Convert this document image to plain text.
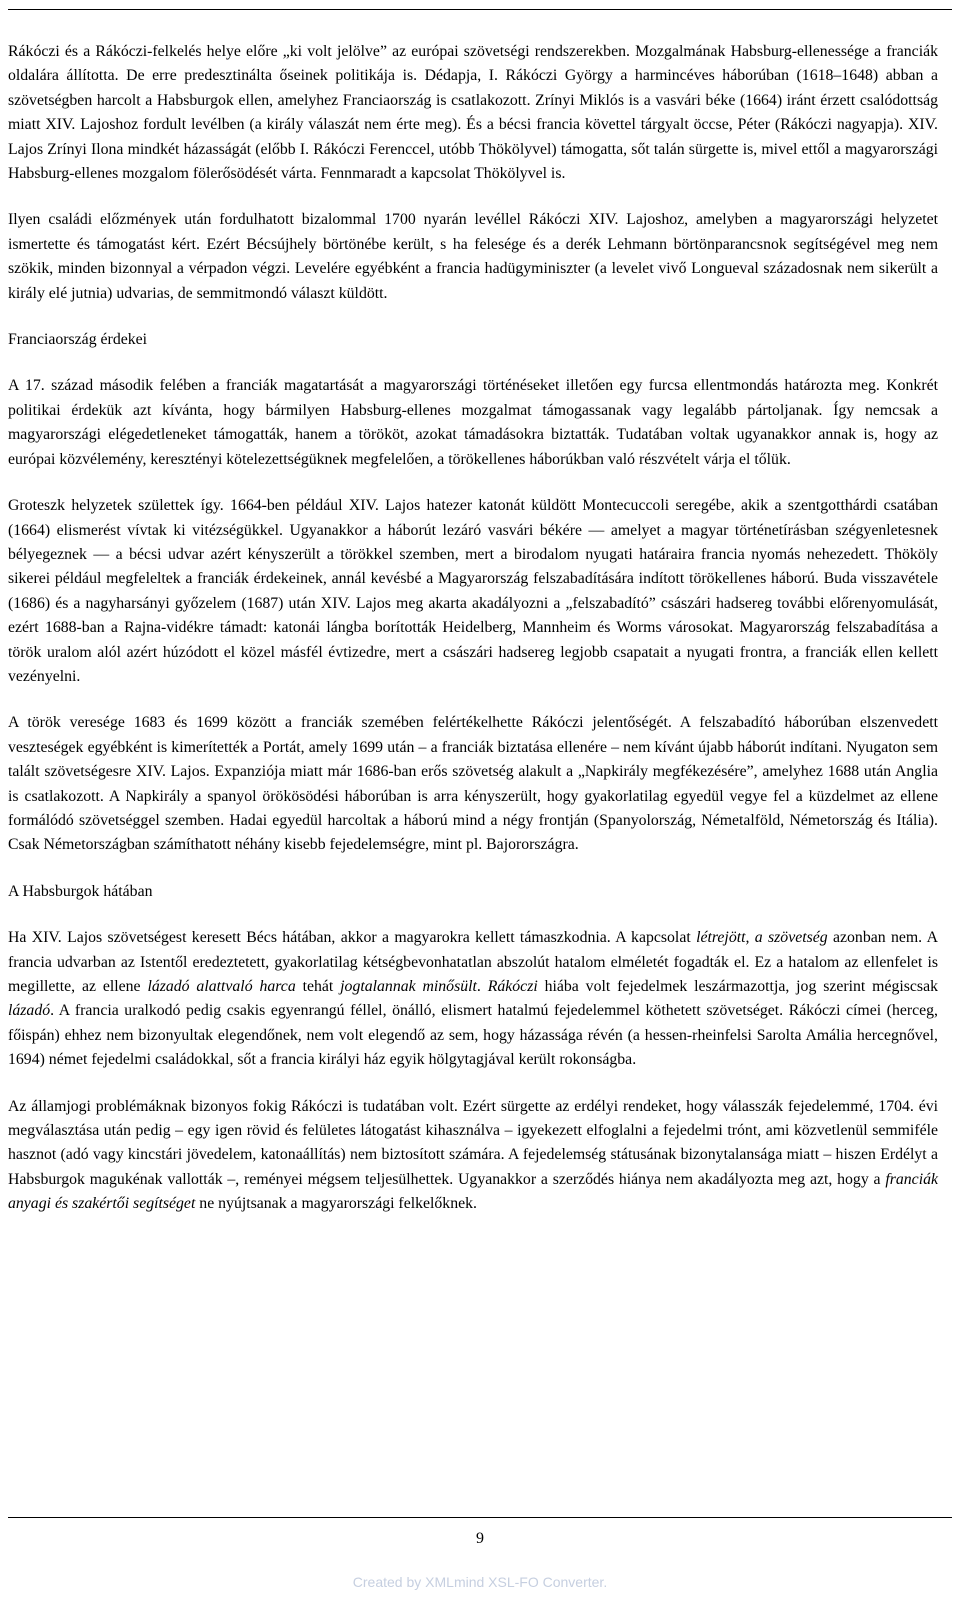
Rákóczi és a Rákóczi-felkelés helye előre „ki volt jelölve” az európai szövetségi rendszerekben. Mozgalmának Habsburg-ellenessége a franciák oldalára állította. De erre predesztinálta őseinek politikája is. Dédapja, I. Rákóczi György a harmincéves háborúban (1618–1648) abban a szövetségben harcolt a Habsburgok ellen, amelyhez Franciaország is csatlakozott. Zrínyi Miklós is a vasvári béke (1664) iránt érzett csalódottság miatt XIV. Lajoshoz fordult levélben (a király válaszát nem érte meg). És a bécsi francia követtel tárgyalt öccse, Péter (Rákóczi nagyapja). XIV. Lajos Zrínyi Ilona mindkét házasságát (előbb I. Rákóczi Ferenccel, utóbb Thökölyvel) támogatta, sőt talán sürgette is, mivel ettől a magyarországi Habsburg-ellenes mozgalom fölerősödését várta. Fennmaradt a kapcsolat Thökölyvel is.

Ilyen családi előzmények után fordulhatott bizalommal 1700 nyarán levéllel Rákóczi XIV. Lajoshoz, amelyben a magyarországi helyzetet ismertette és támogatást kért. Ezért Bécsújhely börtönébe került, s ha felesége és a derék Lehmann börtönparancsnok segítségével meg nem szökik, minden bizonnyal a vérpadon végzi. Levelére egyébként a francia hadügyminiszter (a levelet vivő Longueval századosnak nem sikerült a király elé jutnia) udvarias, de semmitmondó választ küldött.

Franciaország érdekei

A 17. század második felében a franciák magatartását a magyarországi történéseket illetően egy furcsa ellentmondás határozta meg. Konkrét politikai érdekük azt kívánta, hogy bármilyen Habsburg-ellenes mozgalmat támogassanak vagy legalább pártoljanak. Így nemcsak a magyarországi elégedetleneket támogatták, hanem a törököt, azokat támadásokra biztatták. Tudatában voltak ugyanakkor annak is, hogy az európai közvélemény, keresztényi kötelezettségüknek megfelelően, a törökellenes háborúkban való részvételt várja el tőlük.

Groteszk helyzetek születtek így. 1664-ben például XIV. Lajos hatezer katonát küldött Montecuccoli seregébe, akik a szentgotthárdi csatában (1664) elismerést vívtak ki vitézségükkel. Ugyanakkor a háborút lezáró vasvári békére — amelyet a magyar történetírásban szégyenletesnek bélyegeznek — a bécsi udvar azért kényszerült a törökkel szemben, mert a birodalom nyugati határaira francia nyomás nehezedett. Thököly sikerei például megfeleltek a franciák érdekeinek, annál kevésbé a Magyarország felszabadítására indított törökellenes háború. Buda visszavétele (1686) és a nagyharsányi győzelem (1687) után XIV. Lajos meg akarta akadályozni a „felszabadító” császári hadsereg további előrenyomulását, ezért 1688-ban a Rajna-vidékre támadt: katonái lángba borították Heidelberg, Mannheim és Worms városokat. Magyarország felszabadítása a török uralom alól azért húzódott el közel másfél évtizedre, mert a császári hadsereg legjobb csapatait a nyugati frontra, a franciák ellen kellett vezényelni.

A török veresége 1683 és 1699 között a franciák szemében felértékelhette Rákóczi jelentőségét. A felszabadító háborúban elszenvedett veszteségek egyébként is kimerítették a Portát, amely 1699 után – a franciák biztatása ellenére – nem kívánt újabb háborút indítani. Nyugaton sem talált szövetségesre XIV. Lajos. Expanziója miatt már 1686-ban erős szövetség alakult a „Napkirály megfékezésére”, amelyhez 1688 után Anglia is csatlakozott. A Napkirály a spanyol örökösödési háborúban is arra kényszerült, hogy gyakorlatilag egyedül vegye fel a küzdelmet az ellene formálódó szövetséggel szemben. Hadai egyedül harcoltak a háború mind a négy frontján (Spanyolország, Németalföld, Németország és Itália). Csak Németországban számíthatott néhány kisebb fejedelemségre, mint pl. Bajorországra.

A Habsburgok hátában

Ha XIV. Lajos szövetségest keresett Bécs hátában, akkor a magyarokra kellett támaszkodnia. A kapcsolat létrejött, a szövetség azonban nem. A francia udvarban az Istentől eredeztetett, gyakorlatilag kétségbevonhatatlan abszolút hatalom elméletét fogadták el. Ez a hatalom az ellenfelet is megillette, az ellene lázadó alattvaló harca tehát jogtalannak minősült. Rákóczi hiába volt fejedelmek leszármazottja, jog szerint mégiscsak lázadó. A francia uralkodó pedig csakis egyenrangú féllel, önálló, elismert hatalmú fejedelemmel köthetett szövetséget. Rákóczi címei (herceg, főispán) ehhez nem bizonyultak elegendőnek, nem volt elegendő az sem, hogy házassága révén (a hessen-rheinfelsi Sarolta Amália hercegnővel, 1694) német fejedelmi családokkal, sőt a francia királyi ház egyik hölgytagjával került rokonságba.

Az államjogi problémáknak bizonyos fokig Rákóczi is tudatában volt. Ezért sürgette az erdélyi rendeket, hogy válasszák fejedelemmé, 1704. évi megválasztása után pedig – egy igen rövid és felületes látogatást kihasználva – igyekezett elfoglalni a fejedelmi trónt, ami közvetlenül semmiféle hasznot (adó vagy kincstári jövedelem, katonaállítás) nem biztosított számára. A fejedelemség státusának bizonytalansága miatt – hiszen Erdélyt a Habsburgok magukénak vallották –, reményei mégsem teljesülhettek. Ugyanakkor a szerződés hiánya nem akadályozta meg azt, hogy a franciák anyagi és szakértői segítséget ne nyújtsanak a magyarországi felkelőknek.

9
Created by XMLmind XSL-FO Converter.
